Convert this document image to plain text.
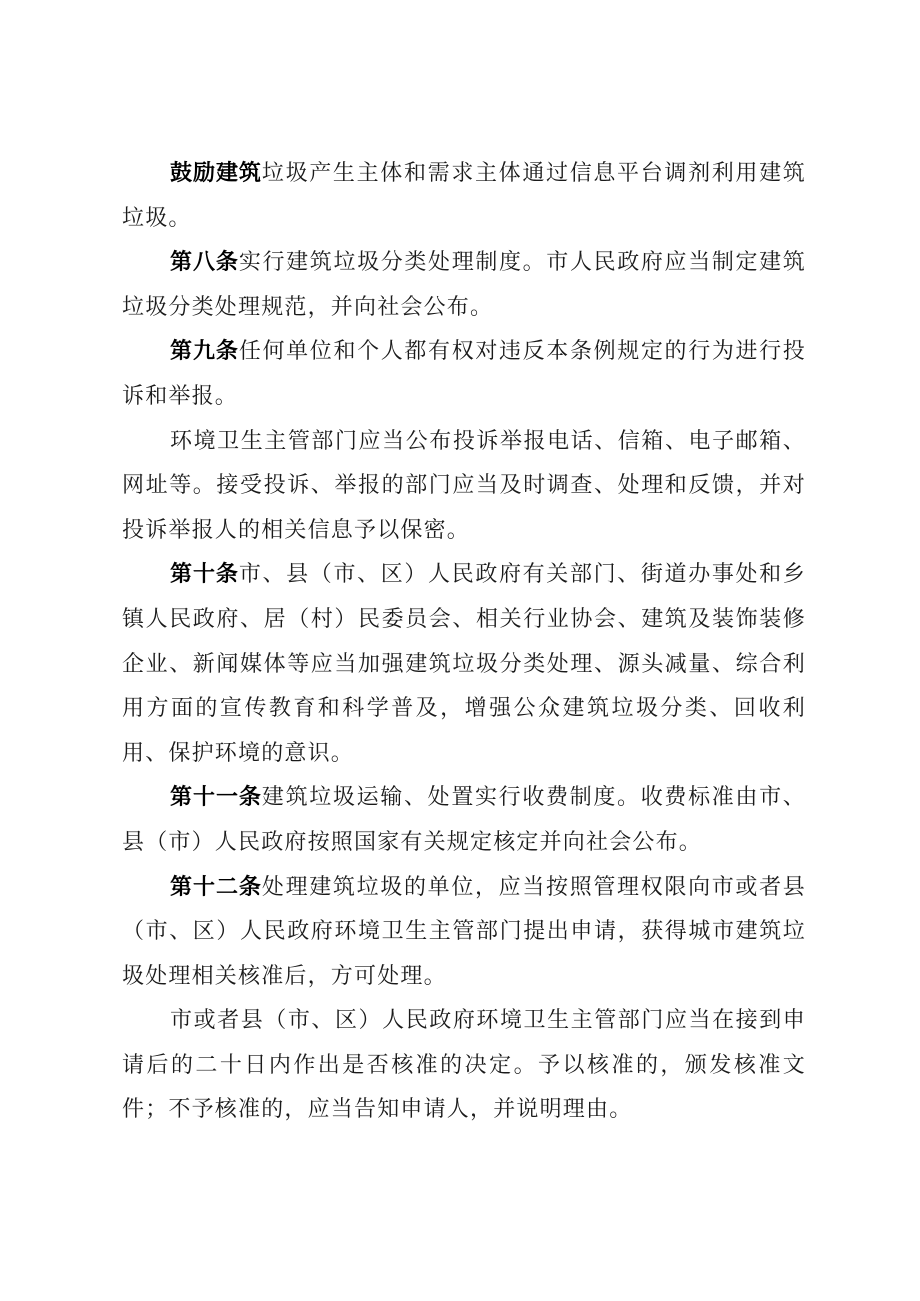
鼓励建筑垃圾产生主体和需求主体通过信息平台调剂利用建筑垃圾。

第八条实行建筑垃圾分类处理制度。市人民政府应当制定建筑垃圾分类处理规范，并向社会公布。

第九条任何单位和个人都有权对违反本条例规定的行为进行投诉和举报。

环境卫生主管部门应当公布投诉举报电话、信箱、电子邮箱、网址等。接受投诉、举报的部门应当及时调查、处理和反馈，并对投诉举报人的相关信息予以保密。

第十条市、县（市、区）人民政府有关部门、街道办事处和乡镇人民政府、居（村）民委员会、相关行业协会、建筑及装饰装修企业、新闻媒体等应当加强建筑垃圾分类处理、源头减量、综合利用方面的宣传教育和科学普及，增强公众建筑垃圾分类、回收利用、保护环境的意识。

第十一条建筑垃圾运输、处置实行收费制度。收费标准由市、县（市）人民政府按照国家有关规定核定并向社会公布。

第十二条处理建筑垃圾的单位，应当按照管理权限向市或者县（市、区）人民政府环境卫生主管部门提出申请，获得城市建筑垃圾处理相关核准后，方可处理。

市或者县（市、区）人民政府环境卫生主管部门应当在接到申请后的二十日内作出是否核准的决定。予以核准的，颁发核准文件；不予核准的，应当告知申请人，并说明理由。
